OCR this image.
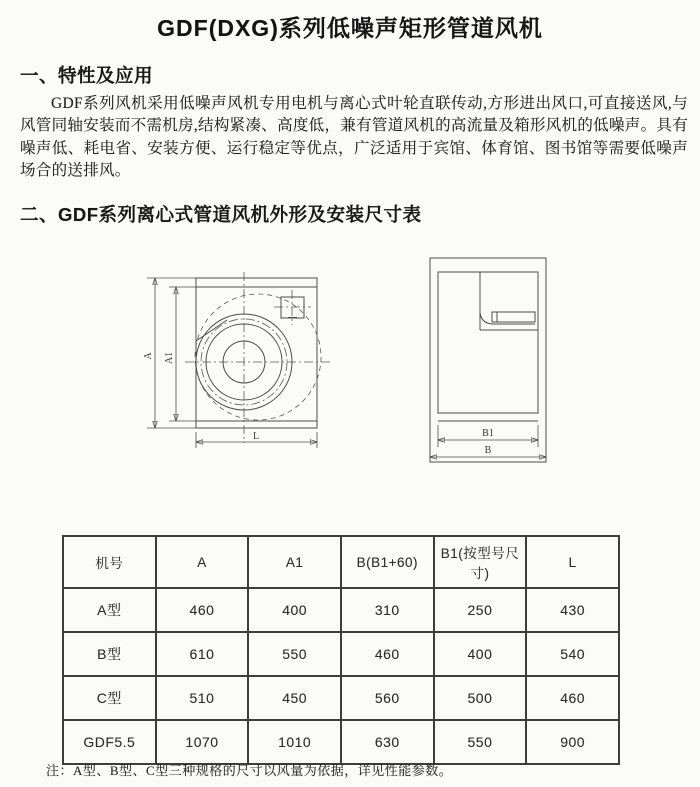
GDF(DXG)系列低噪声矩形管道风机
一、特性及应用
GDF系列风机采用低噪声风机专用电机与离心式叶轮直联传动,方形进出风口,可直接送风,与风管同轴安装而不需机房,结构紧凑、高度低，兼有管道风机的高流量及箱形风机的低噪声。具有噪声低、耗电省、安装方便、运行稳定等优点，广泛适用于宾馆、体育馆、图书馆等需要低噪声场合的送排风。
二、GDF系列离心式管道风机外形及安装尺寸表
A A1
L	B1
B
机号	A	A1	B(B1+60)	B1(按型号尺寸)	L
A型	460	400	310	250	430
B型	610	550	460	400	540
C型	510	450	560	500	460
GDF5.5	1070	1010	630	550	900
注：A型、B型、C型三种规格的尺寸以风量为依据，详见性能参数。
